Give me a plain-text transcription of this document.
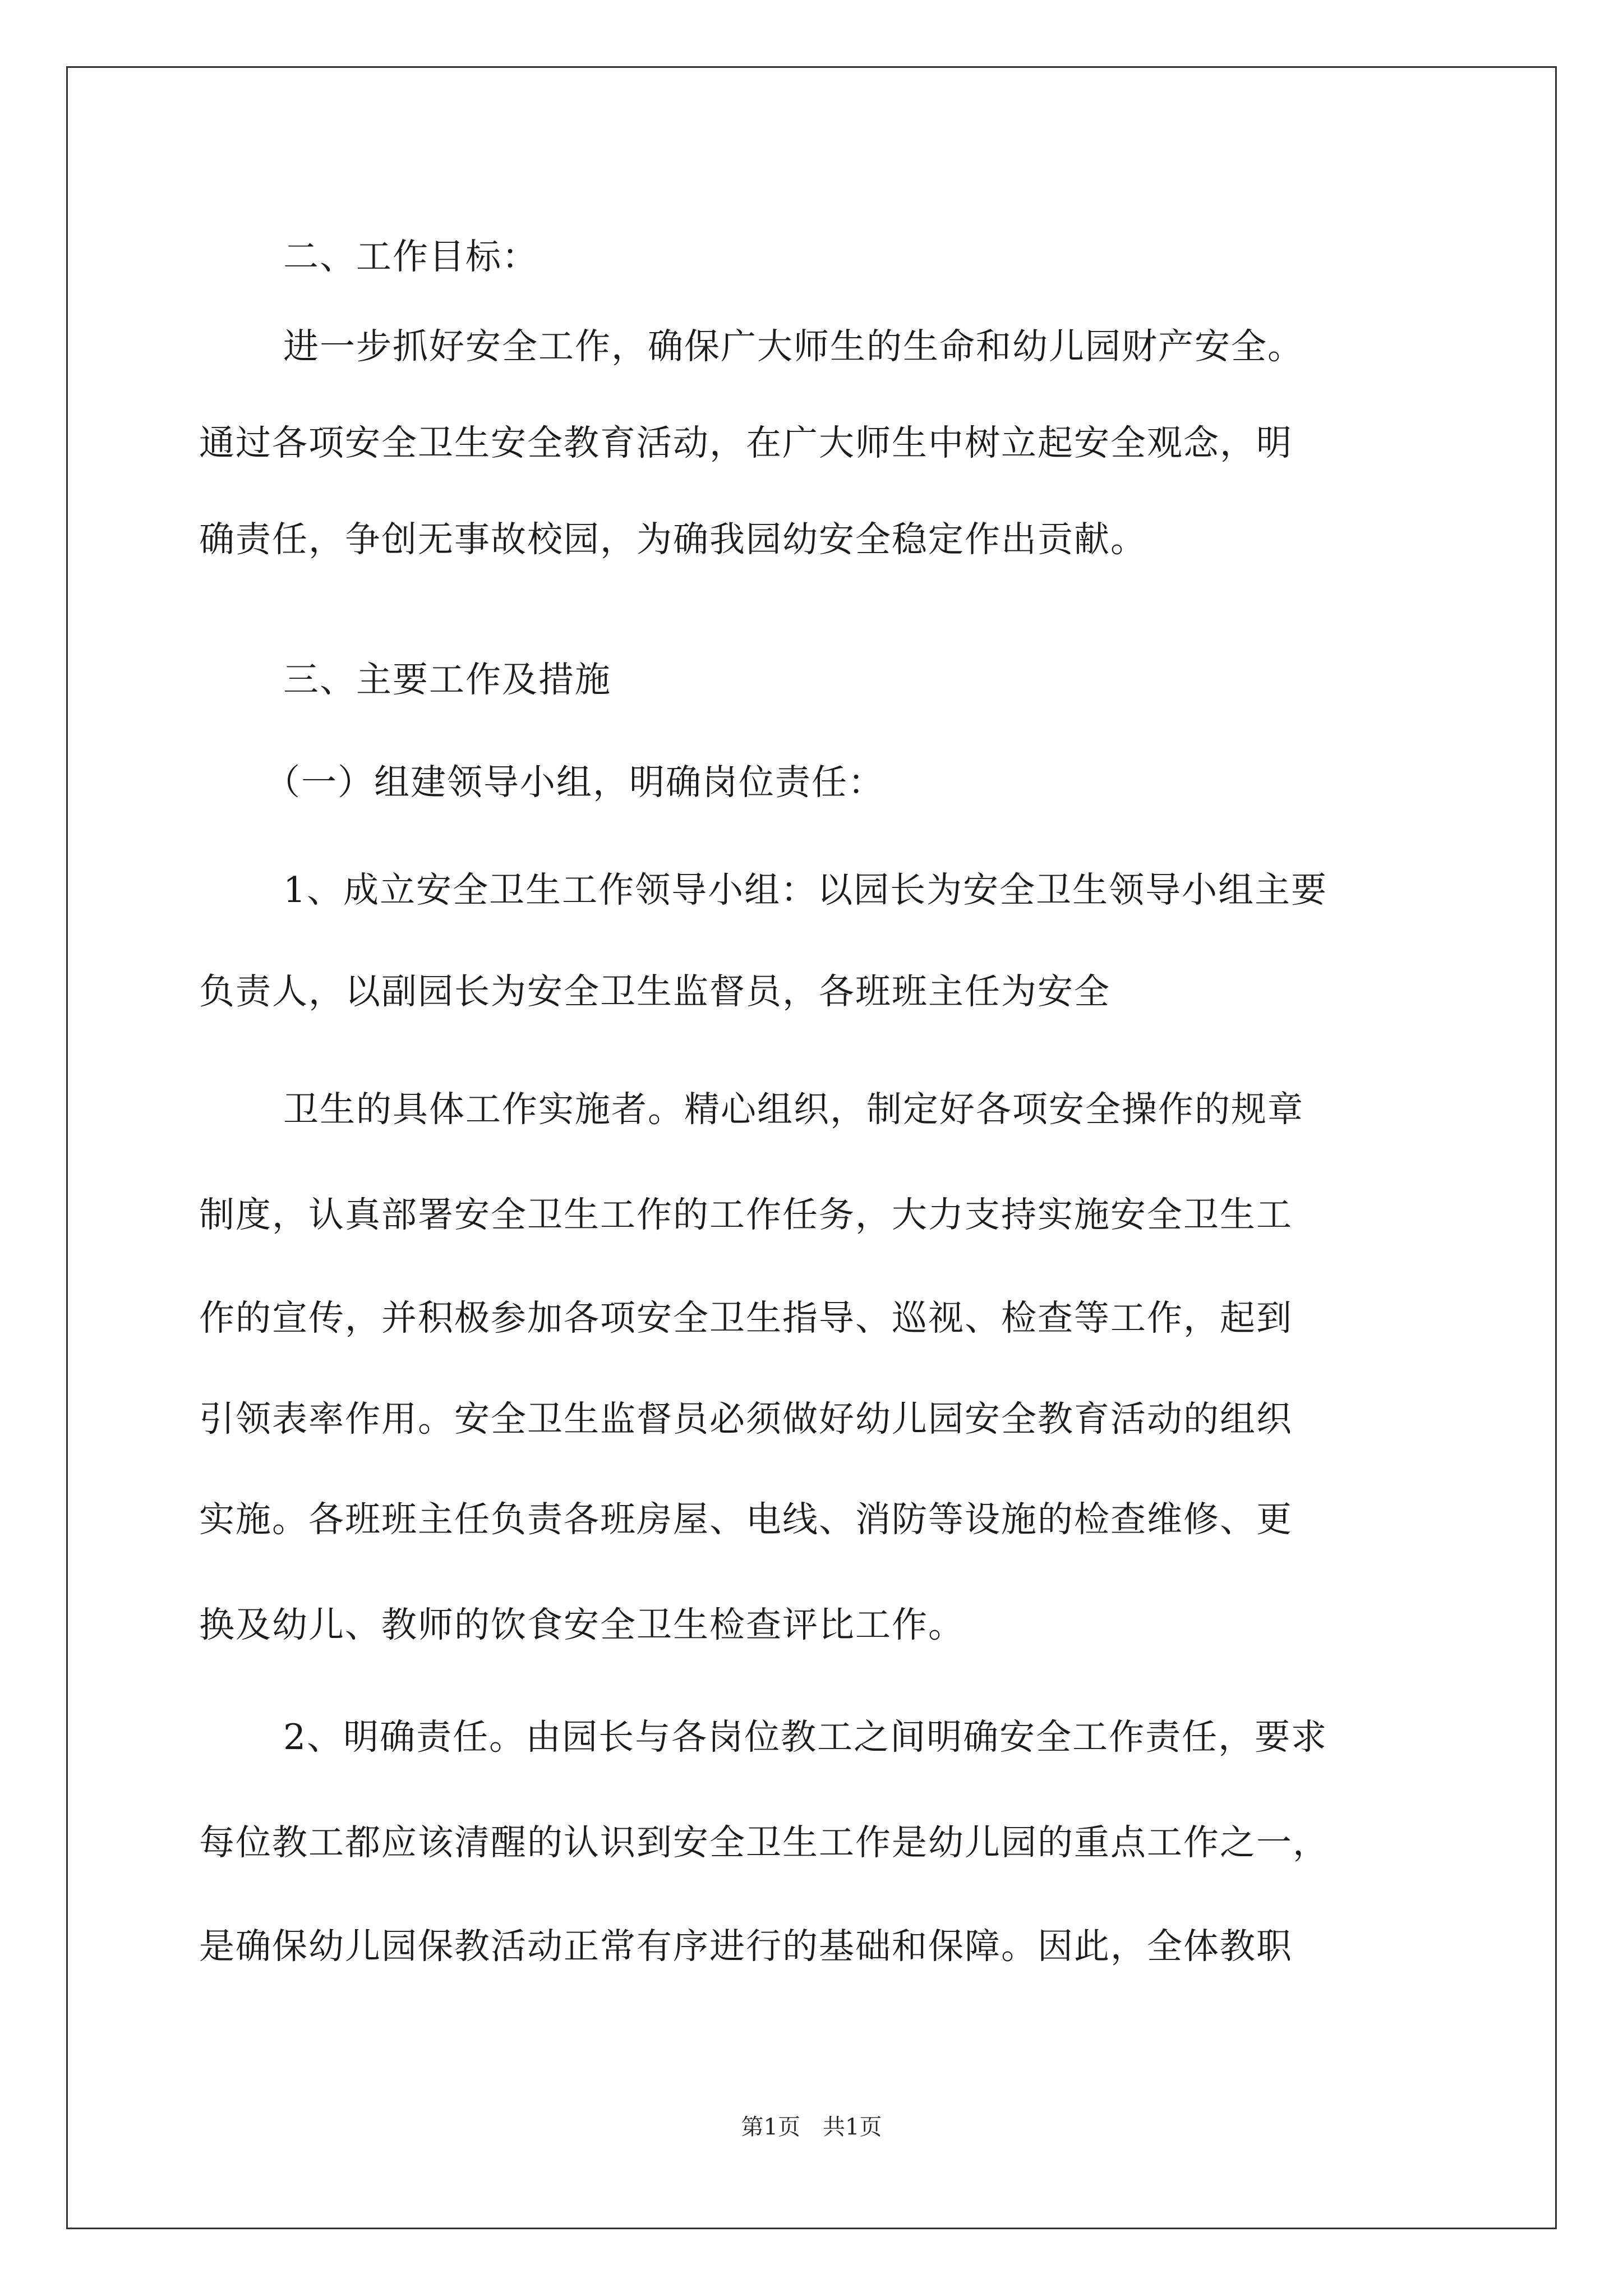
二、工作目标：
进一步抓好安全工作，确保广大师生的生命和幼儿园财产安全。
通过各项安全卫生安全教育活动，在广大师生中树立起安全观念，明
确责任，争创无事故校园，为确我园幼安全稳定作出贡献。
三、主要工作及措施
（一）组建领导小组，明确岗位责任：
1、成立安全卫生工作领导小组：以园长为安全卫生领导小组主要
负责人，以副园长为安全卫生监督员，各班班主任为安全
卫生的具体工作实施者。精心组织，制定好各项安全操作的规章
制度，认真部署安全卫生工作的工作任务，大力支持实施安全卫生工
作的宣传，并积极参加各项安全卫生指导、巡视、检查等工作，起到
引领表率作用。安全卫生监督员必须做好幼儿园安全教育活动的组织
实施。各班班主任负责各班房屋、电线、消防等设施的检查维修、更
换及幼儿、教师的饮食安全卫生检查评比工作。
2、明确责任。由园长与各岗位教工之间明确安全工作责任，要求
每位教工都应该清醒的认识到安全卫生工作是幼儿园的重点工作之一，
是确保幼儿园保教活动正常有序进行的基础和保障。因此，全体教职
第1页　共1页
